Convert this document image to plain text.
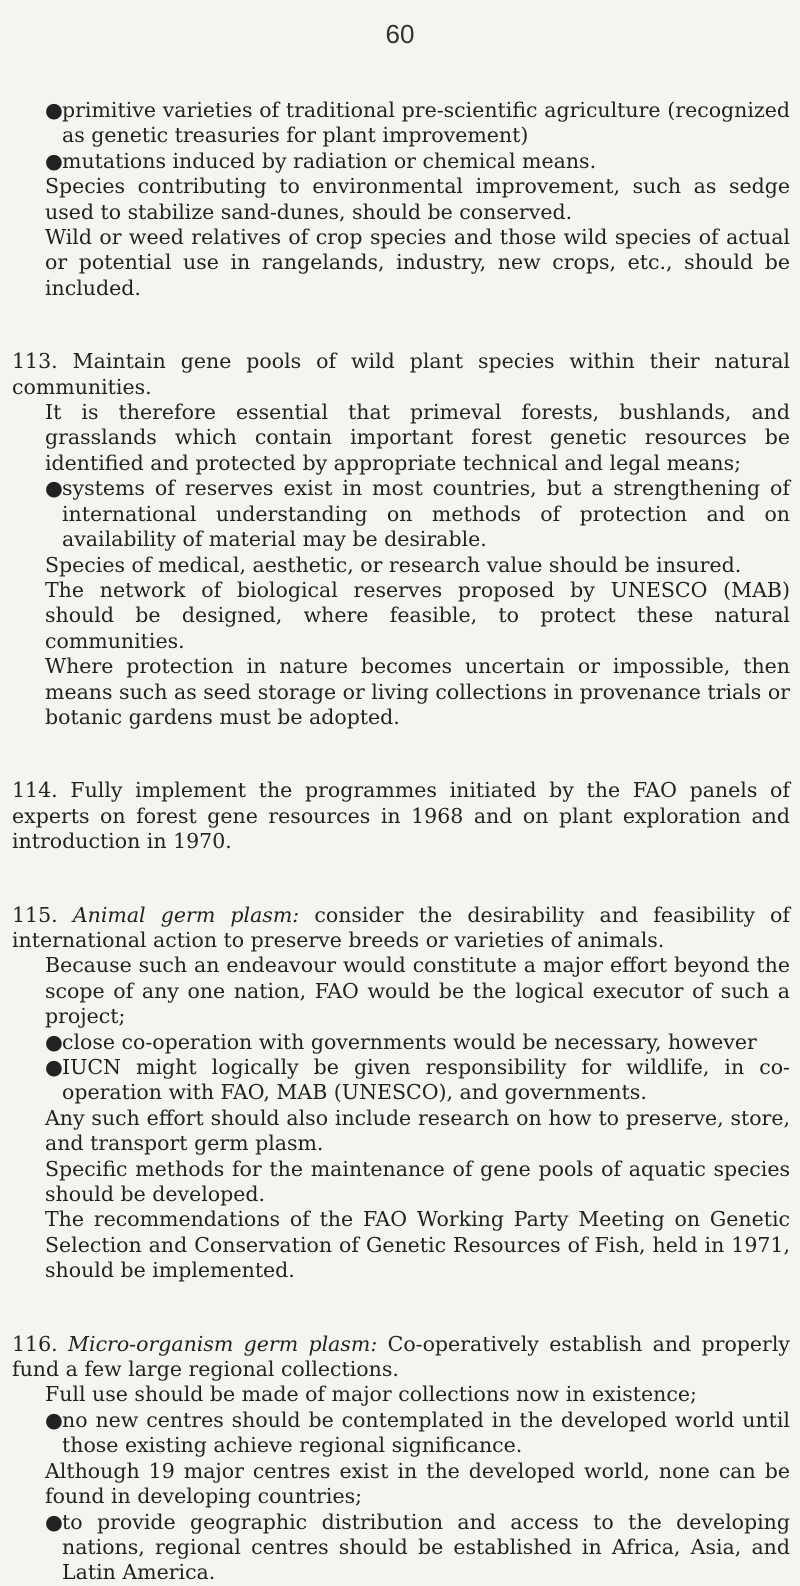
60

● primitive varieties of traditional pre-scientific agriculture (recognized as genetic treasuries for plant improvement)

● mutations induced by radiation or chemical means.

Species contributing to environmental improvement, such as sedge used to stabilize sand-dunes, should be conserved.

Wild or weed relatives of crop species and those wild species of actual or potential use in rangelands, industry, new crops, etc., should be included.

113. Maintain gene pools of wild plant species within their natural communities.

It is therefore essential that primeval forests, bushlands, and grasslands which contain important forest genetic resources be identified and protected by appropriate technical and legal means;

● systems of reserves exist in most countries, but a strengthening of international understanding on methods of protection and on availability of material may be desirable.

Species of medical, aesthetic, or research value should be insured.

The network of biological reserves proposed by UNESCO (MAB) should be designed, where feasible, to protect these natural communities.

Where protection in nature becomes uncertain or impossible, then means such as seed storage or living collections in provenance trials or botanic gardens must be adopted.

114. Fully implement the programmes initiated by the FAO panels of experts on forest gene resources in 1968 and on plant exploration and introduction in 1970.

115. Animal germ plasm: consider the desirability and feasibility of international action to preserve breeds or varieties of animals.

Because such an endeavour would constitute a major effort beyond the scope of any one nation, FAO would be the logical executor of such a project;

● close co-operation with governments would be necessary, however

● IUCN might logically be given responsibility for wildlife, in co-operation with FAO, MAB (UNESCO), and governments.

Any such effort should also include research on how to preserve, store, and transport germ plasm.

Specific methods for the maintenance of gene pools of aquatic species should be developed.

The recommendations of the FAO Working Party Meeting on Genetic Selection and Conservation of Genetic Resources of Fish, held in 1971, should be implemented.

116. Micro-organism germ plasm: Co-operatively establish and properly fund a few large regional collections.

Full use should be made of major collections now in existence;

● no new centres should be contemplated in the developed world until those existing achieve regional significance.

Although 19 major centres exist in the developed world, none can be found in developing countries;

● to provide geographic distribution and access to the developing nations, regional centres should be established in Africa, Asia, and Latin America.
